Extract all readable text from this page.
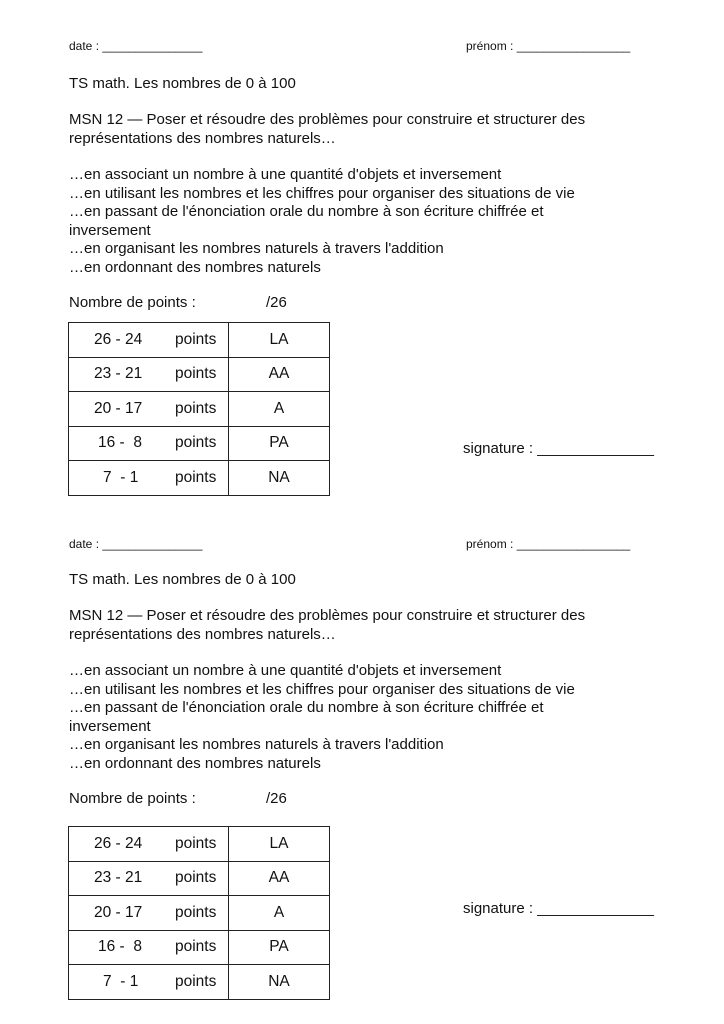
date : _______________	prénom : _________________
TS math. Les nombres de 0 à 100
MSN 12 — Poser et résoudre des problèmes pour construire et structurer des représentations des nombres naturels…
…en associant un nombre à une quantité d'objets et inversement
…en utilisant les nombres et les chiffres pour organiser des situations de vie
…en passant de l'énonciation orale du nombre à son écriture chiffrée et inversement
…en organisant les nombres naturels à travers l'addition
…en ordonnant des nombres naturels
Nombre de points :	/26
26 - 24 points	LA

23 - 21 points	AA

20 - 17 points	A

16 -  8 points	PA

7  - 1 points	NA
signature : ______________
date : _______________	prénom : _________________
TS math. Les nombres de 0 à 100
MSN 12 — Poser et résoudre des problèmes pour construire et structurer des représentations des nombres naturels…
…en associant un nombre à une quantité d'objets et inversement
…en utilisant les nombres et les chiffres pour organiser des situations de vie
…en passant de l'énonciation orale du nombre à son écriture chiffrée et inversement
…en organisant les nombres naturels à travers l'addition
…en ordonnant des nombres naturels
Nombre de points :	/26
26 - 24 points	LA

23 - 21 points	AA

20 - 17 points	A

16 -  8 points	PA

7  - 1 points	NA
signature : ______________
